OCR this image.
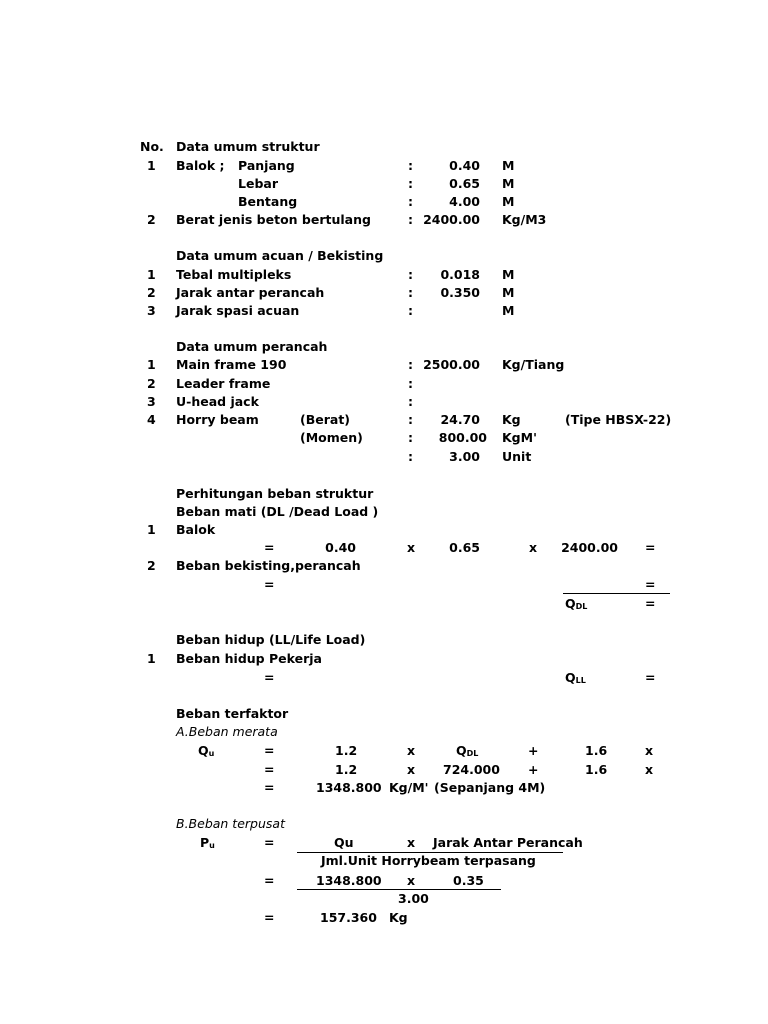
No. Data umum struktur
1 Balok ; Panjang	:	0.40 M
Lebar	:	0.65 M
Bentang	:	4.00 M
2 Berat jenis beton bertulang	: 2400.00 Kg/M3
Data umum acuan / Bekisting
1 Tebal multipleks	:	0.018 M
2 Jarak antar perancah	:	0.350 M
3 Jarak spasi acuan	:	M
Data umum perancah
1 Main frame 190	: 2500.00 Kg/Tiang
2 Leader frame	:
3 U-head jack	:
4 Horry beam	(Berat)	:	24.70 Kg	(Tipe HBSX-22)
(Momen)	:	800.00 KgM'
:	3.00 Unit
Perhitungan beban struktur
Beban mati (DL /Dead Load )
1 Balok
=	0.40	x	0.65	x	2400.00 =
2 Beban bekisting,perancah
=	=
$Q_{DL}$	=
Beban hidup (LL/Life Load)
1 Beban hidup Pekerja
=	$Q_{LL}$	=
Beban terfaktor
A.Beban merata
$Q_u$	=	1.2	x	$Q_{DL}$	+	1.6	x
=	1.2	x 724.000 +	1.6	x
=	1348.800 Kg/M' (Sepanjang 4M)
B.Beban terpusat
$P_u$	=	Qu	x Jarak Antar Perancah
Jml.Unit Horrybeam terpasang
=	1348.800 x	0.35
3.00
=	157.360 Kg
